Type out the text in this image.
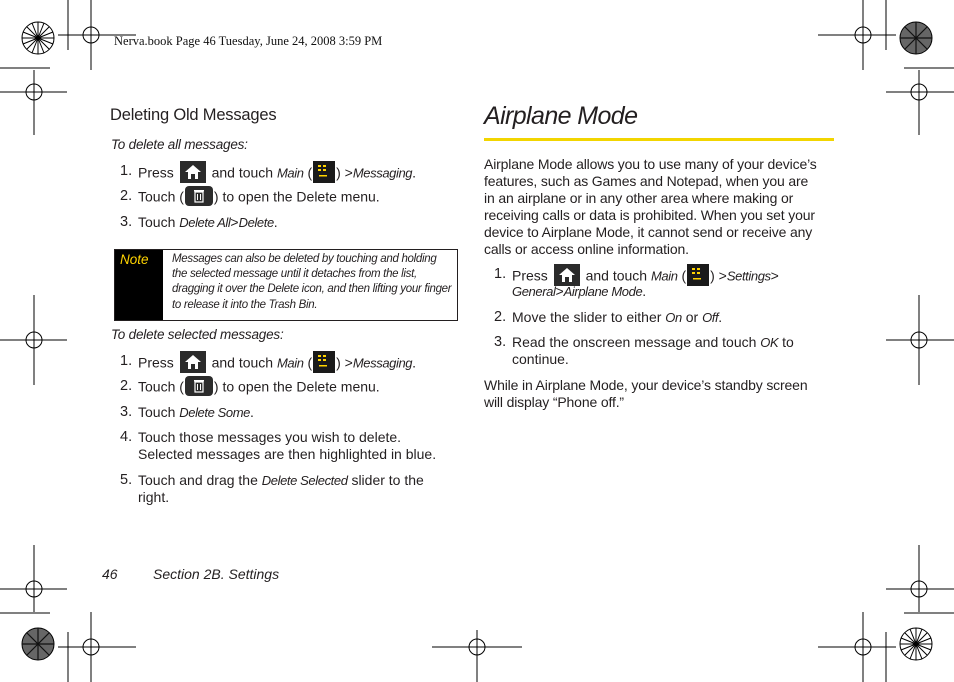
Nerva.book Page 46 Tuesday, June 24, 2008 3:59 PM
Deleting Old Messages
To delete all messages:
1. Press	and touch Main ( ) >Messaging.
2. Touch ( ) to open the Delete menu.
3. Touch Delete All>Delete.
Note Messages can also be deleted by touching and holding the selected message until it detaches from the list, dragging it over the Delete icon, and then lifting your finger to release it into the Trash Bin.
To delete selected messages:
1. Press	and touch Main ( ) >Messaging.
2. Touch ( ) to open the Delete menu.
3. Touch Delete Some.
4. Touch those messages you wish to delete.
Selected messages are then highlighted in blue.
5. Touch and drag the Delete Selected slider to the
right.
Airplane Mode
Airplane Mode allows you to use many of your device’s
features, such as Games and Notepad, when you are
in an airplane or in any other area where making or
receiving calls or data is prohibited. When you set your
device to Airplane Mode, it cannot send or receive any
calls or access online information.
1. Press	and touch Main ( ) >Settings>
General>Airplane Mode.
2. Move the slider to either On or Off.
3. Read the onscreen message and touch OK to
continue.
While in Airplane Mode, your device’s standby screen
will display “Phone off.”
46	Section 2B. Settings
